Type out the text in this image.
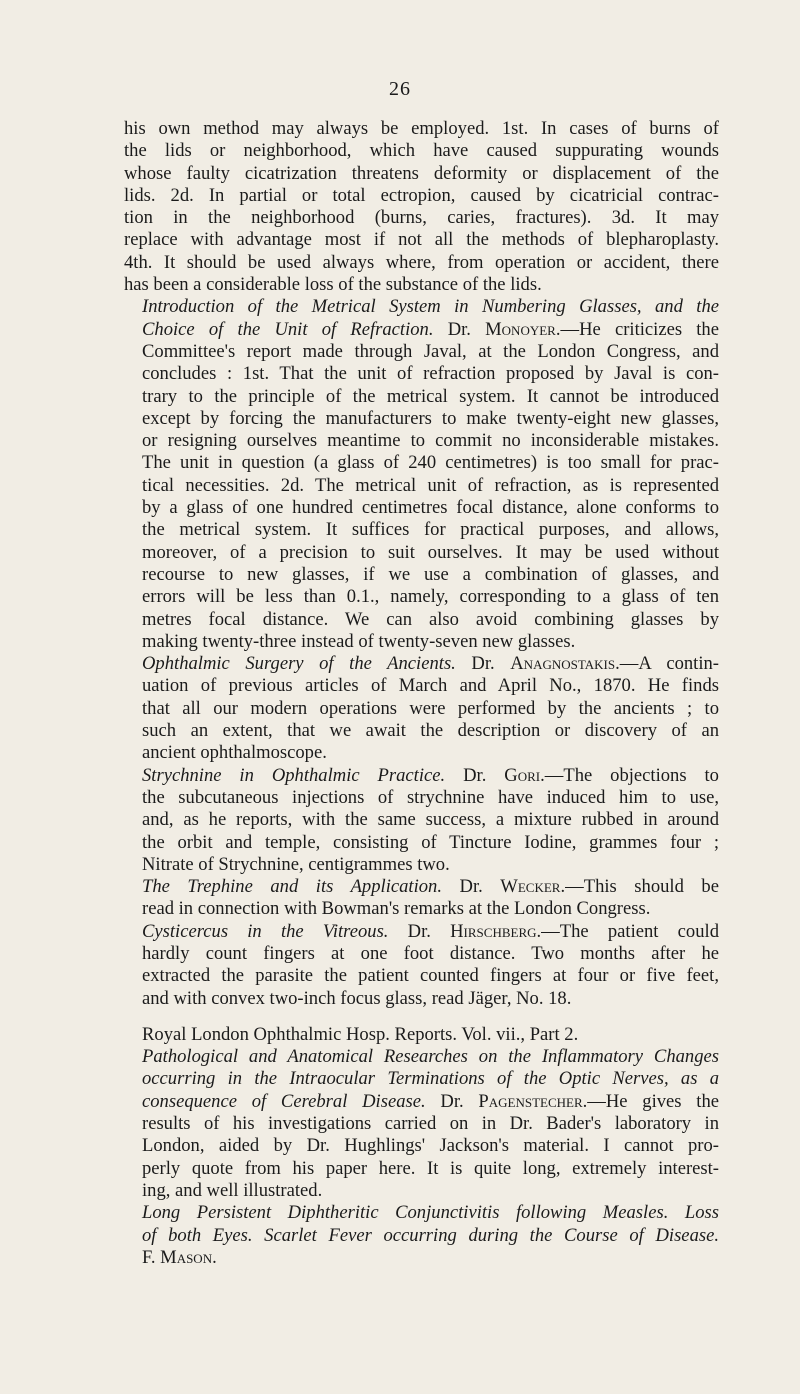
26

his own method may always be employed. 1st. In cases of burns of
the lids or neighborhood, which have caused suppurating wounds
whose faulty cicatrization threatens deformity or displacement of the
lids. 2d. In partial or total ectropion, caused by cicatricial contrac-
tion in the neighborhood (burns, caries, fractures). 3d. It may
replace with advantage most if not all the methods of blepharoplasty.
4th. It should be used always where, from operation or accident, there
has been a considerable loss of the substance of the lids.

Introduction of the Metrical System in Numbering Glasses, and the
Choice of the Unit of Refraction. Dr. Monoyer.—He criticizes the
Committee's report made through Javal, at the London Congress, and
concludes : 1st. That the unit of refraction proposed by Javal is con-
trary to the principle of the metrical system. It cannot be introduced
except by forcing the manufacturers to make twenty-eight new glasses,
or resigning ourselves meantime to commit no inconsiderable mistakes.
The unit in question (a glass of 240 centimetres) is too small for prac-
tical necessities. 2d. The metrical unit of refraction, as is represented
by a glass of one hundred centimetres focal distance, alone conforms to
the metrical system. It suffices for practical purposes, and allows,
moreover, of a precision to suit ourselves. It may be used without
recourse to new glasses, if we use a combination of glasses, and
errors will be less than 0.1., namely, corresponding to a glass of ten
metres focal distance. We can also avoid combining glasses by
making twenty-three instead of twenty-seven new glasses.

Ophthalmic Surgery of the Ancients. Dr. Anagnostakis.—A contin-
uation of previous articles of March and April No., 1870. He finds
that all our modern operations were performed by the ancients ; to
such an extent, that we await the description or discovery of an
ancient ophthalmoscope.

Strychnine in Ophthalmic Practice. Dr. Gori.—The objections to
the subcutaneous injections of strychnine have induced him to use,
and, as he reports, with the same success, a mixture rubbed in around
the orbit and temple, consisting of Tincture Iodine, grammes four ;
Nitrate of Strychnine, centigrammes two.

The Trephine and its Application. Dr. Wecker.—This should be
read in connection with Bowman's remarks at the London Congress.

Cysticercus in the Vitreous. Dr. Hirschberg.—The patient could
hardly count fingers at one foot distance. Two months after he
extracted the parasite the patient counted fingers at four or five feet,
and with convex two-inch focus glass, read Jäger, No. 18.

Royal London Ophthalmic Hosp. Reports. Vol. vii., Part 2.

Pathological and Anatomical Researches on the Inflammatory Changes
occurring in the Intraocular Terminations of the Optic Nerves, as a
consequence of Cerebral Disease. Dr. Pagenstecher.—He gives the
results of his investigations carried on in Dr. Bader's laboratory in
London, aided by Dr. Hughlings' Jackson's material. I cannot pro-
perly quote from his paper here. It is quite long, extremely interest-
ing, and well illustrated.

Long Persistent Diphtheritic Conjunctivitis following Measles. Loss
of both Eyes. Scarlet Fever occurring during the Course of Disease.
F. Mason.
